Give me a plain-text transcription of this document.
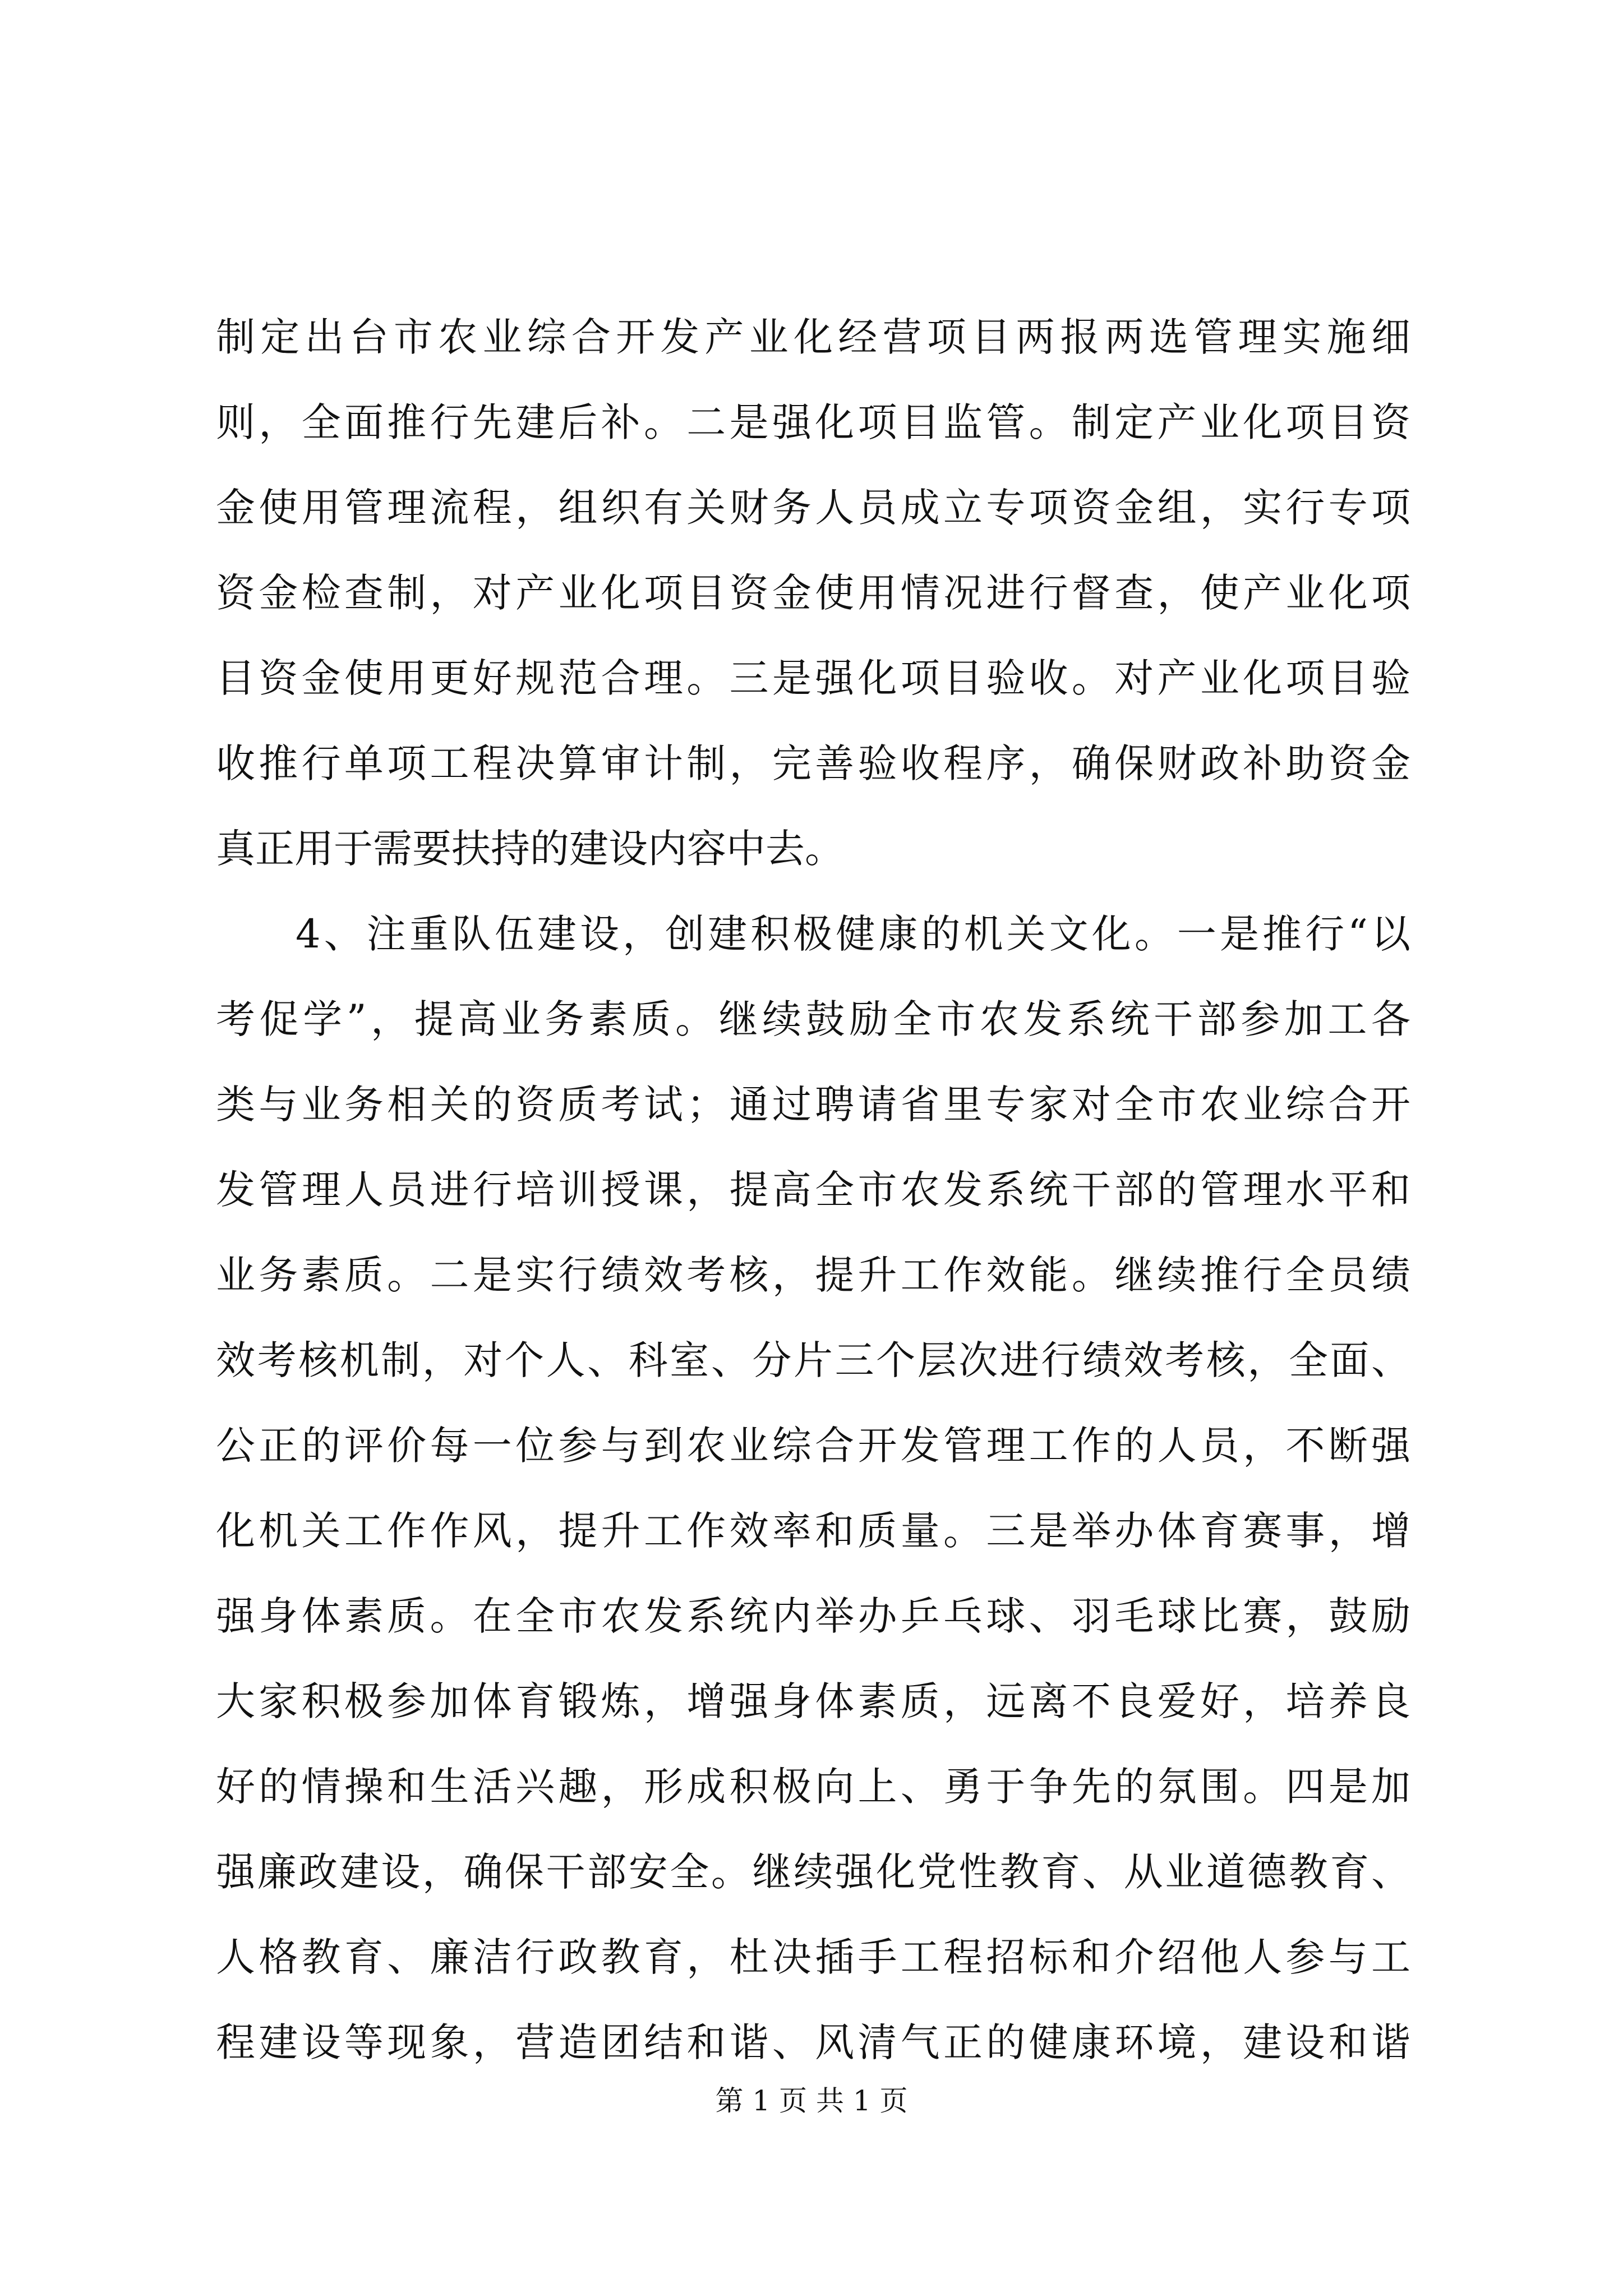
制定出台市农业综合开发产业化经营项目两报两选管理实施细
则，全面推行先建后补。二是强化项目监管。制定产业化项目资
金使用管理流程，组织有关财务人员成立专项资金组，实行专项
资金检查制，对产业化项目资金使用情况进行督查，使产业化项
目资金使用更好规范合理。三是强化项目验收。对产业化项目验
收推行单项工程决算审计制，完善验收程序，确保财政补助资金
真正用于需要扶持的建设内容中去。
4、注重队伍建设，创建积极健康的机关文化。一是推行“以
考促学”，提高业务素质。继续鼓励全市农发系统干部参加工各
类与业务相关的资质考试；通过聘请省里专家对全市农业综合开
发管理人员进行培训授课，提高全市农发系统干部的管理水平和
业务素质。二是实行绩效考核，提升工作效能。继续推行全员绩
效考核机制，对个人、科室、分片三个层次进行绩效考核，全面、
公正的评价每一位参与到农业综合开发管理工作的人员，不断强
化机关工作作风，提升工作效率和质量。三是举办体育赛事，增
强身体素质。在全市农发系统内举办乒乓球、羽毛球比赛，鼓励
大家积极参加体育锻炼，增强身体素质，远离不良爱好，培养良
好的情操和生活兴趣，形成积极向上、勇于争先的氛围。四是加
强廉政建设，确保干部安全。继续强化党性教育、从业道德教育、
人格教育、廉洁行政教育，杜决插手工程招标和介绍他人参与工
程建设等现象，营造团结和谐、风清气正的健康环境，建设和谐
第 1 页 共 1 页
